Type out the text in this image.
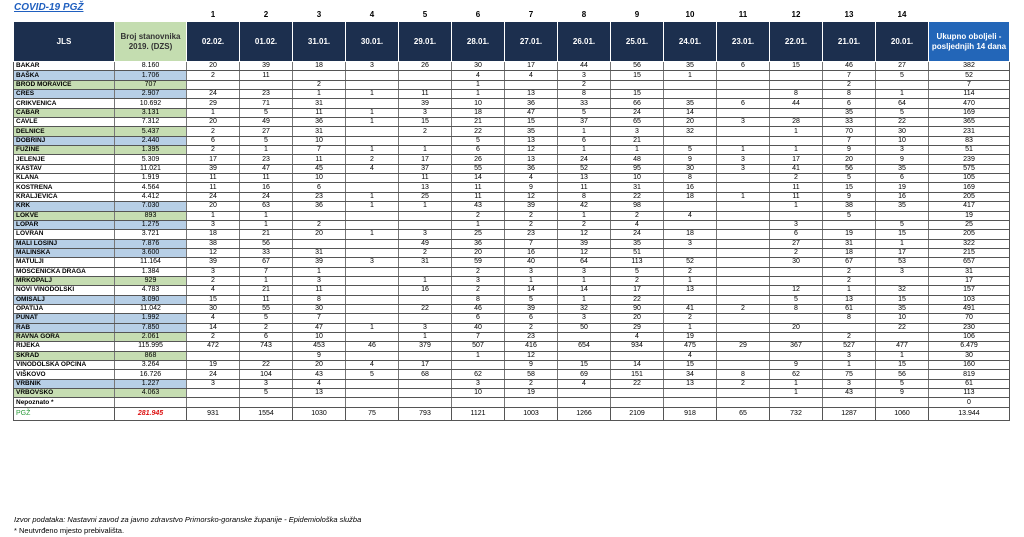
COVID-19 PGŽ
		1	2	3	4	5	6	7	8	9	10	11	12	13	14	
JLS	Broj stanovnika 2019. (DZS)	02.02.	01.02.	31.01.	30.01.	29.01.	28.01.	27.01.	26.01.	25.01.	24.01.	23.01.	22.01.	21.01.	20.01.	Ukupno oboljeli - posljednjih 14 dana
BAKAR	8.160	20	39	18	3	26	30	17	44	56	35	6	15	46	27	382
BAŠKA	1.706	2	11				4	4	3	15	1			7	5	52
BROD MORAVICE	707			2			1		2					2		7
CRES	2.907	24	23	1	1	11	1	13	8	15			8	8	1	114
CRIKVENICA	10.692	29	71	31		39	10	36	33	66	35	6	44	6	64	470
ČABAR	3.131	1	5	11	1	3	18	47	5	24	14			35	5	169
ČAVLE	7.312	20	49	36	1	15	21	15	37	65	20	3	28	33	22	365
DELNICE	5.437	2	27	31		2	22	35	1	3	32		1	70	30	231
DOBRINJ	2.440	6	5	10			5	13	6	21				7	10	83
FUŽINE	1.395	2	1	7	1	1	6	12	1	1	5	1	1	9	3	51
JELENJE	5.309	17	23	11	2	17	26	13	24	48	9	3	17	20	9	239
KASTAV	11.021	39	47	45	4	37	55	36	52	95	30	3	41	56	35	575
KLANA	1.919	11	11	10		11	14	4	13	10	8		2	5	6	105
KOSTRENA	4.564	11	16	6		13	11	9	11	31	16		11	15	19	169
KRALJEVICA	4.412	24	24	23	1	25	11	12	8	22	18	1	11	9	16	205
KRK	7.030	20	63	36	1	1	43	39	42	98			1	38	35	417
LOKVE	893	1	1				2	2	1	2	4			5		19
LOPAR	1.275	3	1	2			1	2	2	4			3		5	25
LOVRAN	3.721	18	21	20	1	3	25	23	12	24	18		6	19	15	205
MALI LOŠINJ	7.876	38	56			49	36	7	39	35	3		27	31	1	322
MALINSKA	3.600	12	33	31		2	20	16	12	51			2	18	17	215
MATULJI	11.164	39	67	39	3	31	59	40	64	113	52		30	67	53	657
MOŠĆENIČKA DRAGA	1.384	3	7	1			2	3	3	5	2			2	3	31
MRKOPALJ	929	2	1	3		1	3	1	1	2	1			2		17
NOVI VINODOLSKI	4.783	4	21	11		16	2	14	14	17	13		12	1	32	157
OMIŠALJ	3.090	15	11	8			8	5	1	22			5	13	15	103
OPATIJA	11.042	30	55	30		22	46	39	32	90	41	2	8	61	35	491
PUNAT	1.992	4	5	7			6	6	3	20	2			8	10	70
RAB	7.850	14	2	47	1	3	40	2	50	29	1		20		22	230
RAVNA GORA	2.061	2	6	10		1	7	23		4	19			2		106
RIJEKA	115.995	472	743	453	46	379	507	416	654	934	475	29	367	527	477	6.479
SKRAD	868			9			1	12			4			3	1	30
VINODOLSKA OPĆINA	3.264	19	22	20	4	17		9	15	14	15		9	1	15	160
VIŠKOVO	16.726	24	104	43	5	68	62	58	69	151	34	8	62	75	56	819
VRBNIK	1.227	3	3	4			3	2	4	22	13	2	1	3	5	61
VRBOVSKO	4.063		5	13			10	19					1	43	9	113
Nepoznato *																0
PGŽ	281.945	931	1554	1030	75	793	1121	1003	1266	2109	918	65	732	1287	1060	13.944
Izvor podataka: Nastavni zavod za javno zdravstvo Primorsko-goranske županije - Epidemiološka služba
* Neutvrđeno mjesto prebivališta.
